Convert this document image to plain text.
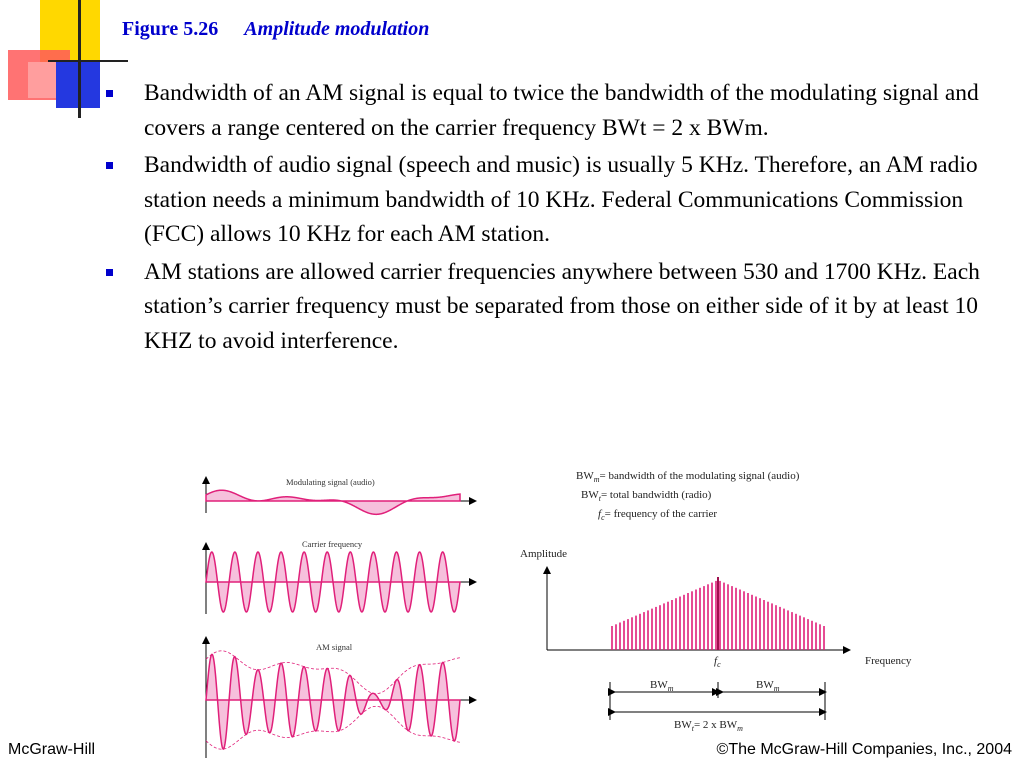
Figure 5.26 Amplitude modulation
Bandwidth of an AM signal is equal to twice the bandwidth of the modulating signal and covers a range centered on the carrier frequency BWt = 2 x BWm.
Bandwidth of audio signal (speech and music) is usually 5 KHz. Therefore, an AM radio station needs a minimum bandwidth of 10 KHz. Federal Communications Commission (FCC) allows 10 KHz for each AM station.
AM stations are allowed carrier frequencies anywhere between 530 and 1700 KHz. Each station’s carrier frequency must be separated from those on either side of it by at least 10 KHZ to avoid interference.
Modulating signal (audio)
Carrier frequency
AM signal
$BW_m=$ bandwidth of the modulating signal (audio)
$BW_t=$ total bandwidth (radio)
$f_c=$ frequency of the carrier
Amplitude
Frequency
$f_c$
$BW_m$	$BW_m$
$BW_t= 2$ x $BW_m$
McGraw-Hill	©The McGraw-Hill Companies, Inc., 2004
